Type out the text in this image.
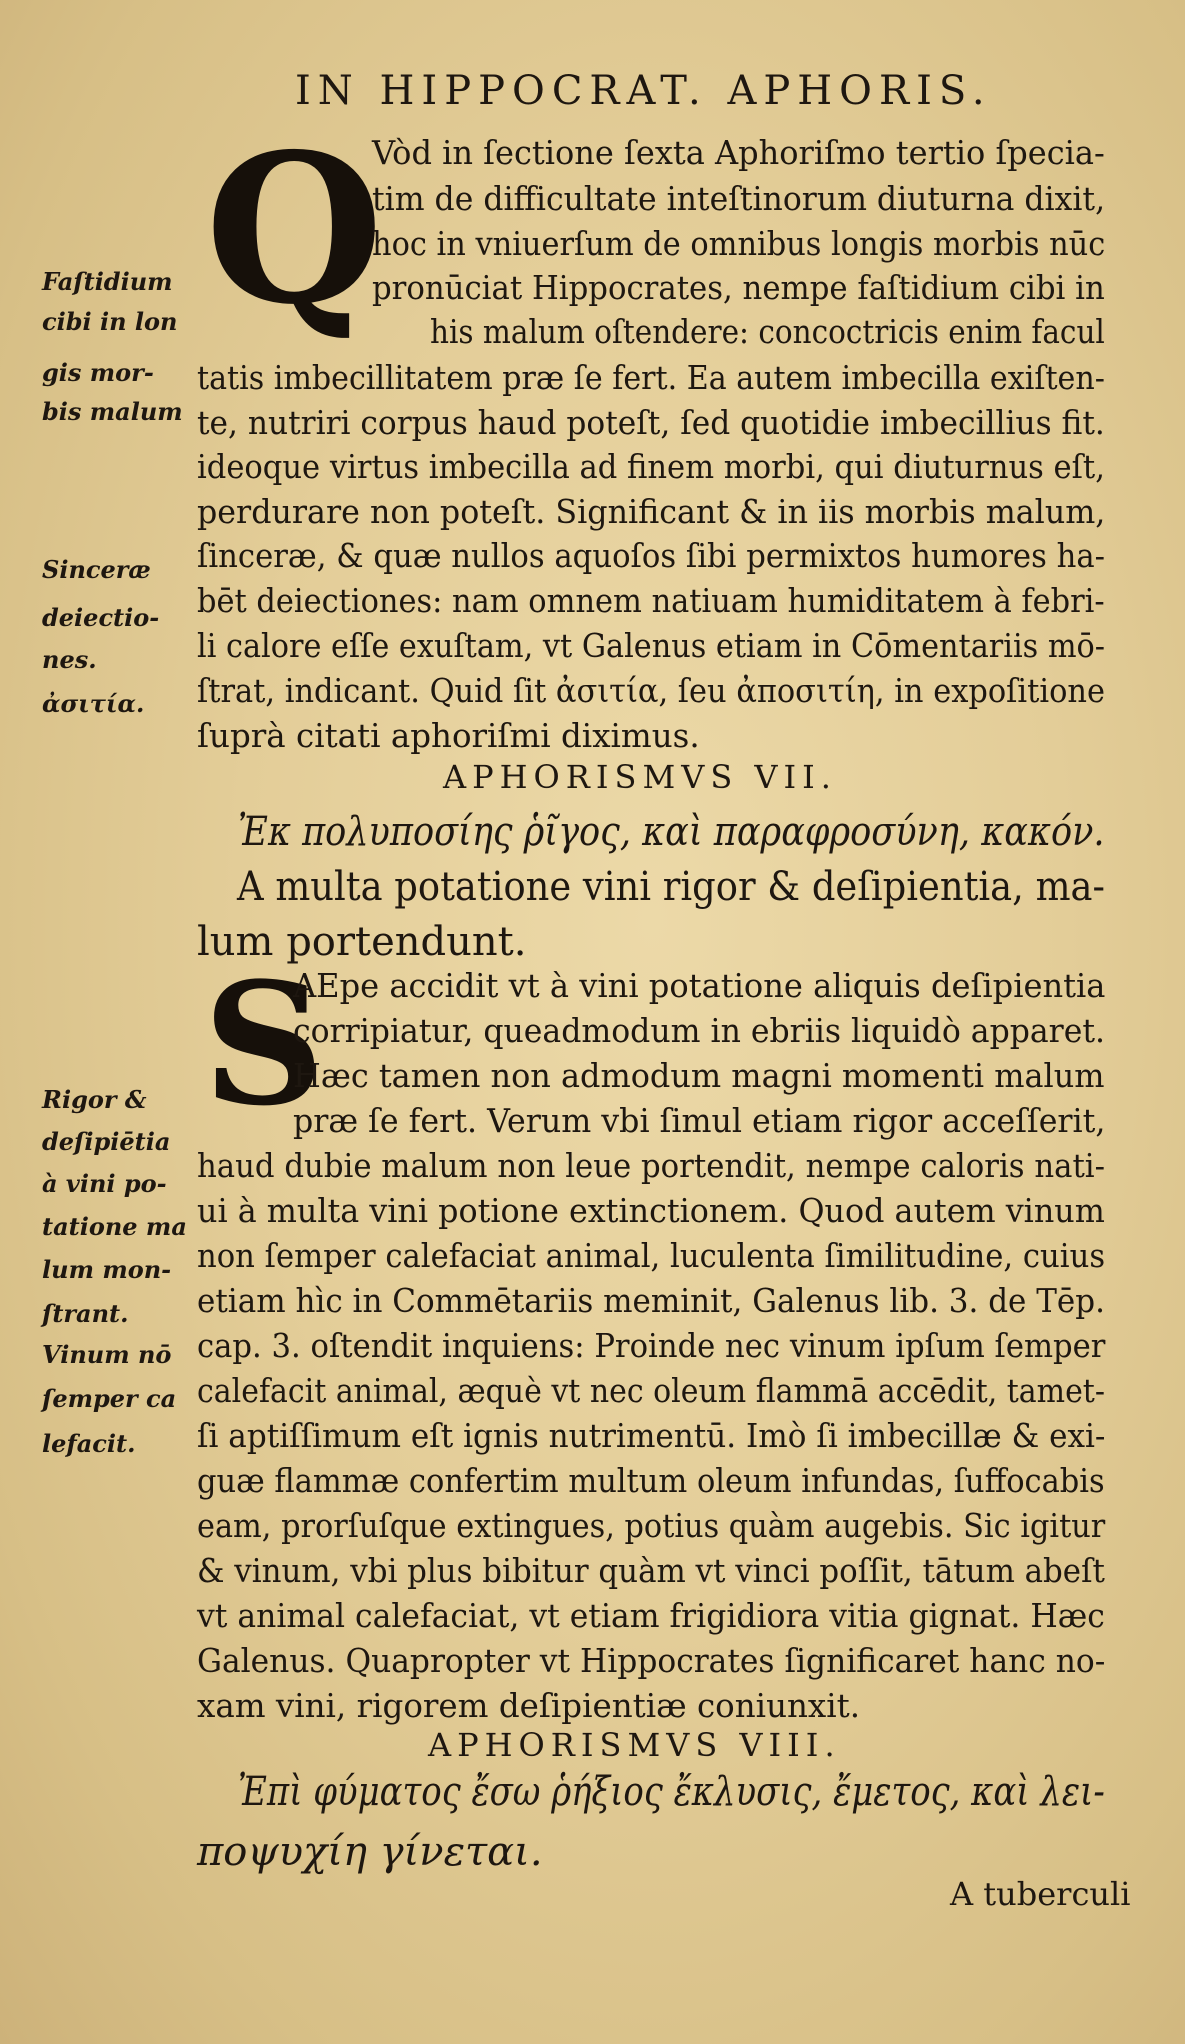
IN HIPPOCRAT. APHORIS.
Q
Vòd in ſectione ſexta Aphoriſmo tertio ſpecia-
tim de difficultate inteſtinorum diuturna dixit,
hoc in vniuerſum de omnibus longis morbis nūc
pronūciat Hippocrates, nempe faſtidium cibi in
his malum oſtendere: concoctricis enim facul
tatis imbecillitatem præ ſe fert. Ea autem imbecilla exiſten-
te, nutriri corpus haud poteſt, ſed quotidie imbecillius fit.
ideoque virtus imbecilla ad finem morbi, qui diuturnus eſt,
perdurare non poteſt. Significant & in iis morbis malum,
ſinceræ, & quæ nullos aquoſos ſibi permixtos humores ha-
bēt deiectiones: nam omnem natiuam humiditatem à febri-
li calore eſſe exuſtam, vt Galenus etiam in Cōmentariis mō-
ſtrat, indicant. Quid ſit ἀσιτία, ſeu ἀποσιτίη, in expoſitione
ſuprà citati aphoriſmi diximus.
Faſtidium
cibi in lon
gis mor-
bis malum
Sinceræ
deiectio-
nes.
ἀσιτία.
APHORISMVS VII.
Ἐκ πολυποσίης ῥῖγος, καὶ παραφροσύνη, κακόν.
A multa potatione vini rigor & deſipientia, ma-
lum portendunt.
S
AEpe accidit vt à vini potatione aliquis deſipientia
corripiatur, queadmodum in ebriis liquidò apparet.
Hæc tamen non admodum magni momenti malum
præ ſe fert. Verum vbi ſimul etiam rigor acceſſerit,
haud dubie malum non leue portendit, nempe caloris nati-
ui à multa vini potione extinctionem. Quod autem vinum
non ſemper calefaciat animal, luculenta ſimilitudine, cuius
etiam hìc in Commētariis meminit, Galenus lib. 3. de Tēp.
cap. 3. oſtendit inquiens: Proinde nec vinum ipſum ſemper
calefacit animal, æquè vt nec oleum flammā accēdit, tamet-
ſi aptiſſimum eſt ignis nutrimentū. Imò ſi imbecillæ & exi-
guæ flammæ confertim multum oleum infundas, ſuffocabis
eam, prorſuſque extingues, potius quàm augebis. Sic igitur
& vinum, vbi plus bibitur quàm vt vinci poſſit, tātum abeſt
vt animal calefaciat, vt etiam frigidiora vitia gignat. Hæc
Galenus. Quapropter vt Hippocrates ſignificaret hanc no-
xam vini, rigorem deſipientiæ coniunxit.
Rigor &
deſipiētia
à vini po-
tatione ma
lum mon-
ſtrant.
Vinum nō
ſemper ca
lefacit.
APHORISMVS VIII.
Ἐπὶ φύματος ἔσω ῥήξιος ἔκλυσις, ἔμετος, καὶ λει-
ποψυχίη γίνεται.
A tuberculi
